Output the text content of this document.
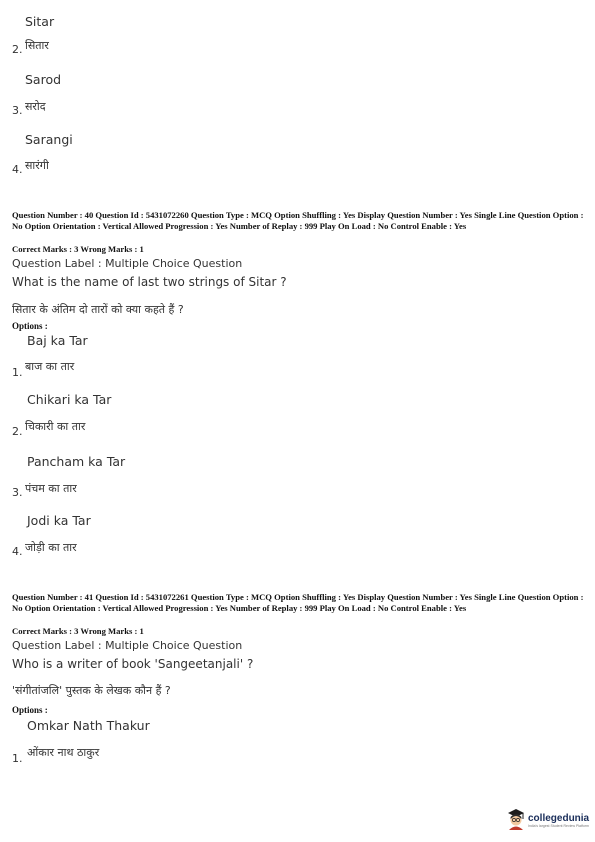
Sitar
2. सितार
Sarod
3. सरोद
Sarangi
4. सारंगी
Question Number : 40 Question Id : 5431072260 Question Type : MCQ Option Shuffling : Yes Display Question Number : Yes Single Line Question Option : No Option Orientation : Vertical Allowed Progression : Yes Number of Replay : 999 Play On Load : No Control Enable : Yes
Correct Marks : 3 Wrong Marks : 1
Question Label : Multiple Choice Question
What is the name of last two strings of Sitar ?
सितार के अंतिम दो तारों को क्या कहते हैं ?
Options :
Baj ka Tar
1. बाज का तार
Chikari ka Tar
2. चिकारी का तार
Pancham ka Tar
3. पंचम का तार
Jodi ka Tar
4. जोड़ी का तार
Question Number : 41 Question Id : 5431072261 Question Type : MCQ Option Shuffling : Yes Display Question Number : Yes Single Line Question Option : No Option Orientation : Vertical Allowed Progression : Yes Number of Replay : 999 Play On Load : No Control Enable : Yes
Correct Marks : 3 Wrong Marks : 1
Question Label : Multiple Choice Question
Who is a writer of book 'Sangeetanjali' ?
'संगीतांजलि' पुस्तक के लेखक कौन हैं ?
Options :
Omkar Nath Thakur
1. ओंकार नाथ ठाकुर
collegedunia
India's largest Student Review Platform
